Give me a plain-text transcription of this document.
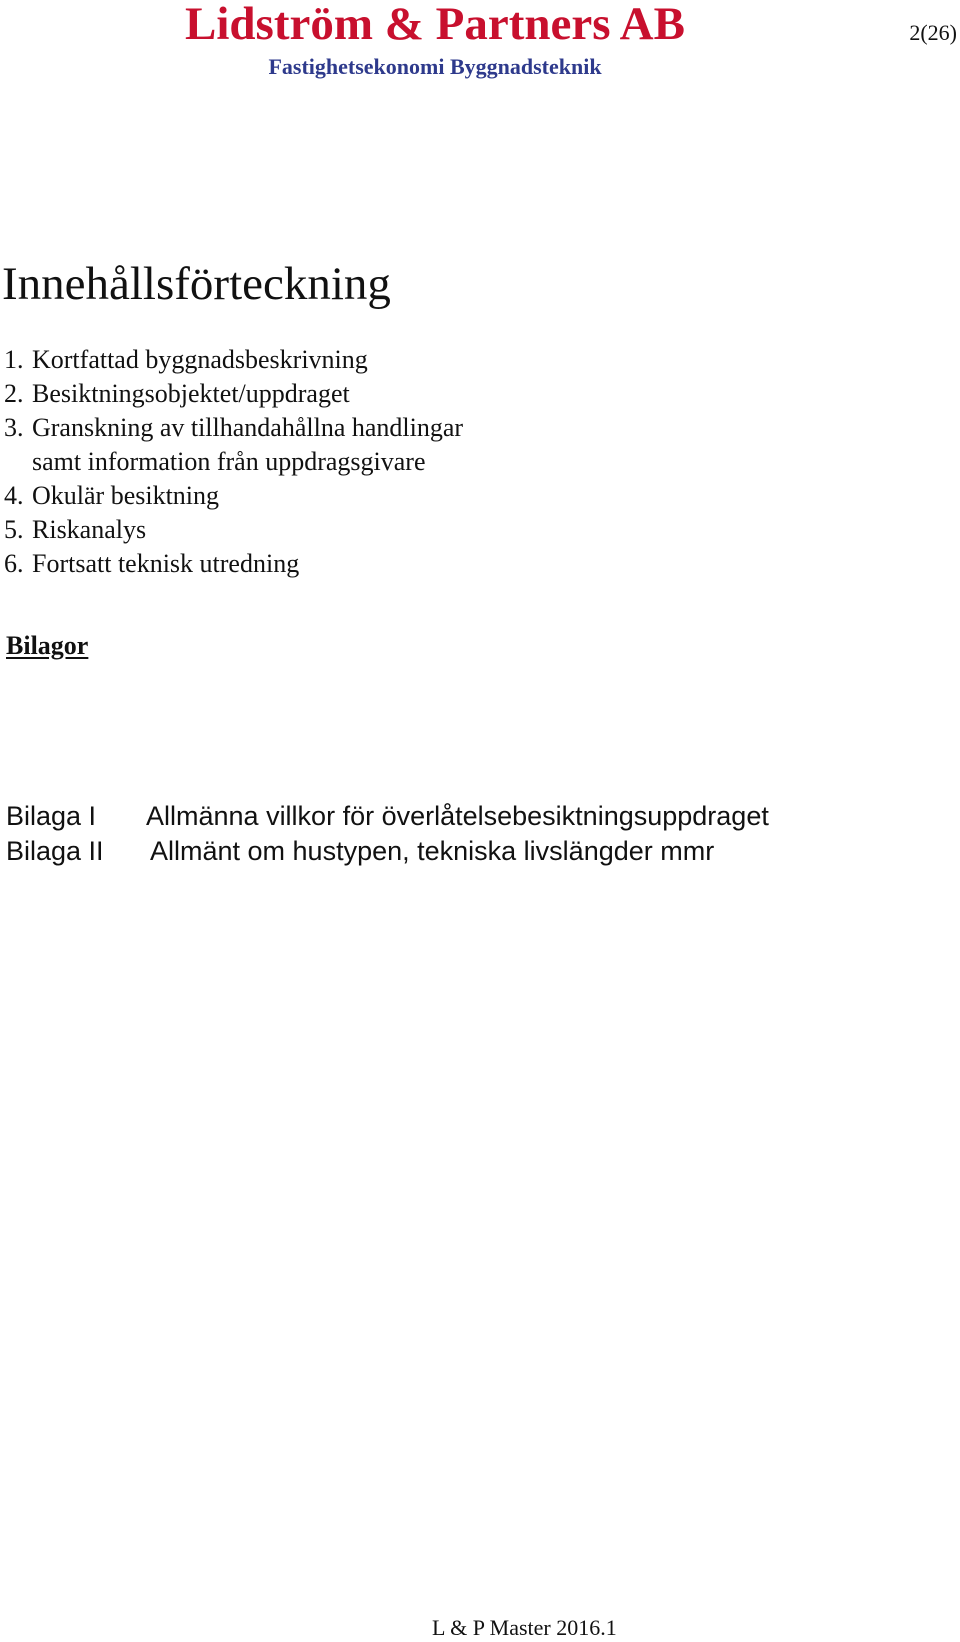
Lidström & Partners AB
Fastighetsekonomi Byggnadsteknik
2(26)
Innehållsförteckning
1. Kortfattad byggnadsbeskrivning
2. Besiktningsobjektet/uppdraget
3. Granskning av tillhandahållna handlingar
samt information från uppdragsgivare
4. Okulär besiktning
5. Riskanalys
6. Fortsatt teknisk utredning
Bilagor
Bilaga I	Allmänna villkor för överlåtelsebesiktningsuppdraget
Bilaga II	Allmänt om hustypen, tekniska livslängder mmr
L & P Master 2016.1
